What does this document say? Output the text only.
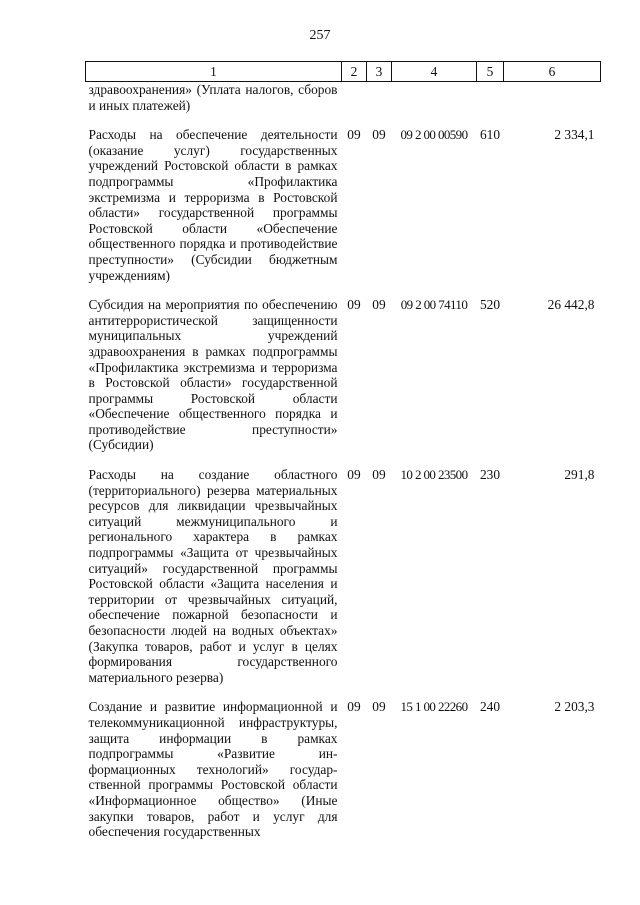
257
1	2	3	4	5	6
здравоохранения» (Уплата налогов, сборов и иных платежей)					

Расходы на обеспечение деятельности (оказание услуг) государственных учреждений Ростовской области в рамках подпрограммы «Профилактика экстремизма и терроризма в Ростовской области» государственной программы Ростовской области «Обеспечение общественного порядка и противодействие преступности» (Субсидии бюджетным учреждениям)	09	09	09 2 00 00590	610	2 334,1

Субсидия на мероприятия по обеспечению антитеррористической защищенности муниципальных учреждений здравоохранения в рамках подпрограммы «Профилактика экстремизма и терроризма в Ростовской области» государственной программы Ростовской области «Обеспечение общественного порядка и противодействие преступности» (Субсидии)	09	09	09 2 00 74110	520	26 442,8

Расходы на создание областного (территориального) резерва материальных ресурсов для ликвидации чрезвычайных ситуаций межмуниципального и регионального характера в рамках подпрограммы «Защита от чрезвычайных ситуаций» государственной программы Ростовской области «Защита населения и территории от чрезвычайных ситуаций, обеспечение пожарной безопасности и безопасности людей на водных объектах» (Закупка товаров, работ и услуг в целях формирования государственного материального резерва)	09	09	10 2 00 23500	230	291,8

Создание и развитие информационной и телекоммуникационной инфраструктуры, защита информации в рамках подпрограммы «Развитие информационных технологий» государственной программы Ростовской области «Информационное общество» (Иные закупки товаров, работ и услуг для обеспечения государственных	09	09	15 1 00 22260	240	2 203,3
